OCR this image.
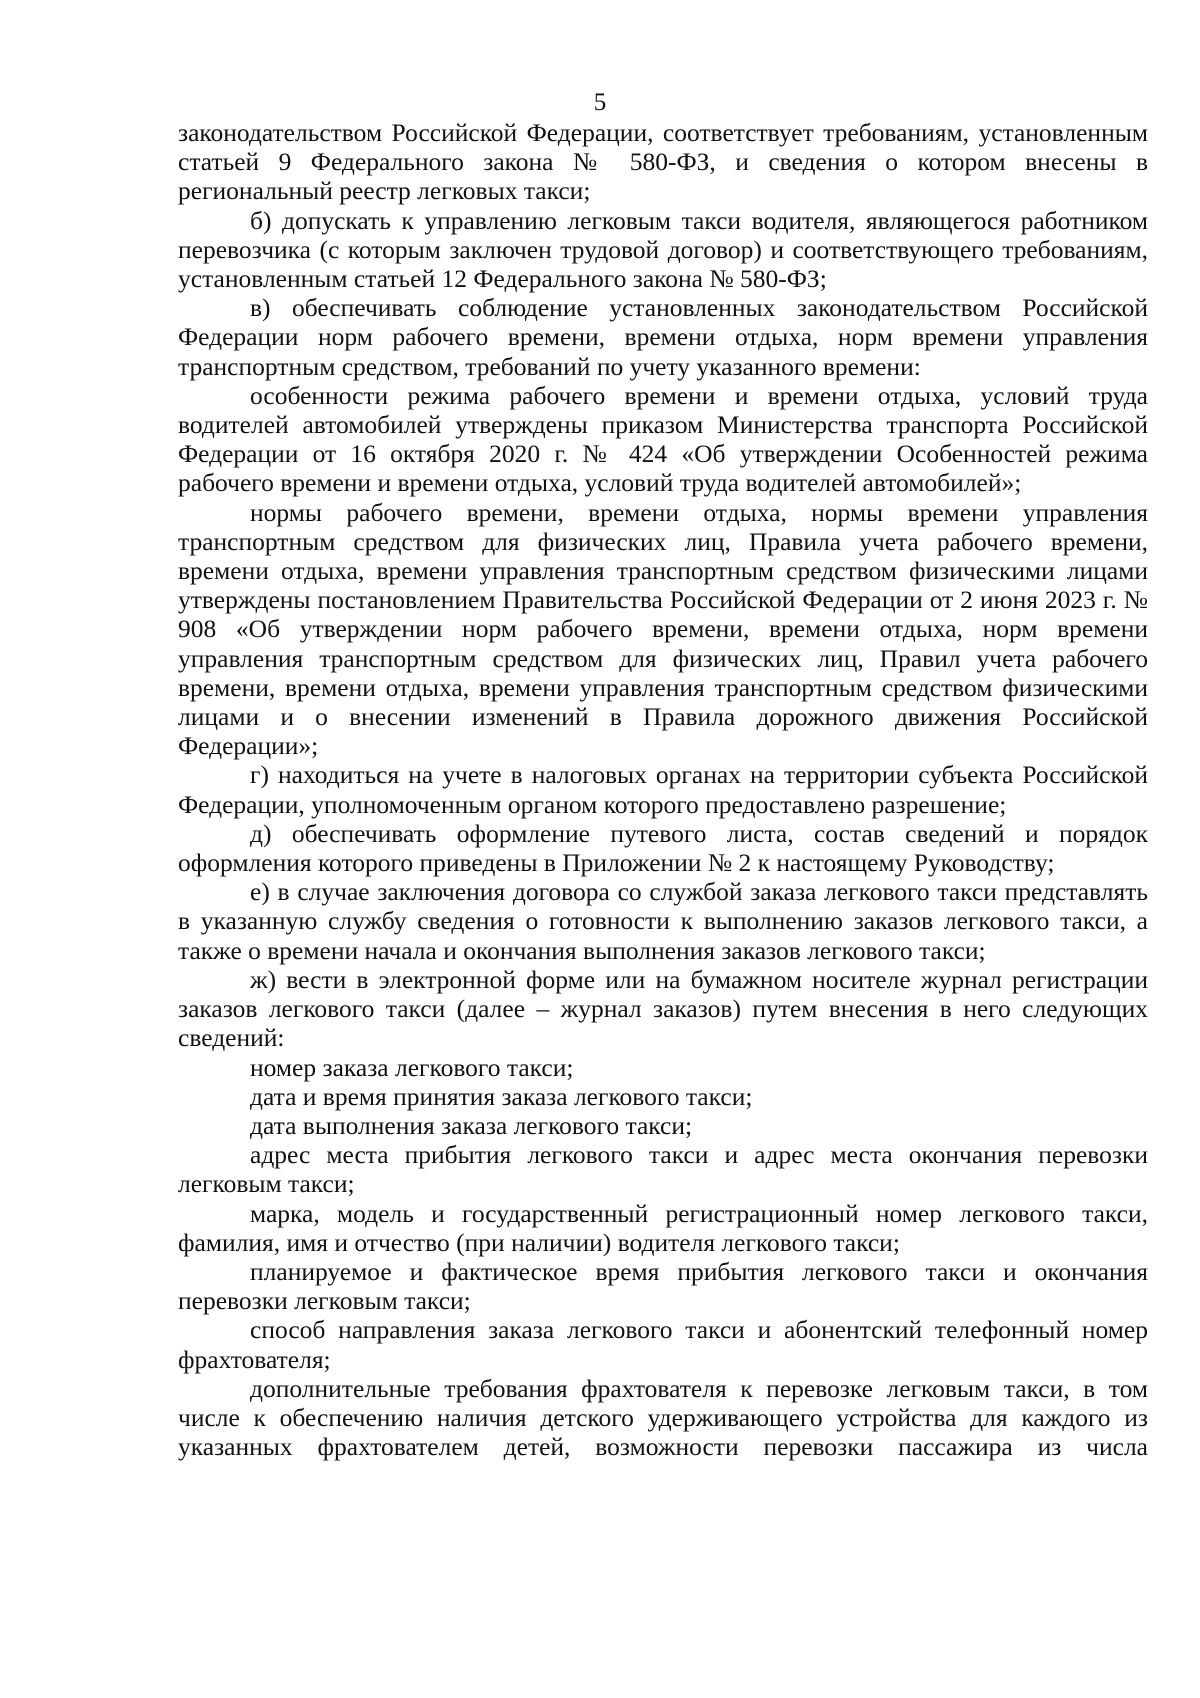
5

законодательством Российской Федерации, соответствует требованиям, установленным статьей 9 Федерального закона № 580-ФЗ, и сведения о котором внесены в региональный реестр легковых такси;

б) допускать к управлению легковым такси водителя, являющегося работником перевозчика (с которым заключен трудовой договор) и соответствующего требованиям, установленным статьей 12 Федерального закона № 580-ФЗ;

в) обеспечивать соблюдение установленных законодательством Российской Федерации норм рабочего времени, времени отдыха, норм времени управления транспортным средством, требований по учету указанного времени:

особенности режима рабочего времени и времени отдыха, условий труда водителей автомобилей утверждены приказом Министерства транспорта Российской Федерации от 16 октября 2020 г. № 424 «Об утверждении Особенностей режима рабочего времени и времени отдыха, условий труда водителей автомобилей»;

нормы рабочего времени, времени отдыха, нормы времени управления транспортным средством для физических лиц, Правила учета рабочего времени, времени отдыха, времени управления транспортным средством физическими лицами утверждены постановлением Правительства Российской Федерации от 2 июня 2023 г. № 908 «Об утверждении норм рабочего времени, времени отдыха, норм времени управления транспортным средством для физических лиц, Правил учета рабочего времени, времени отдыха, времени управления транспортным средством физическими лицами и о внесении изменений в Правила дорожного движения Российской Федерации»;

г) находиться на учете в налоговых органах на территории субъекта Российской Федерации, уполномоченным органом которого предоставлено разрешение;

д) обеспечивать оформление путевого листа, состав сведений и порядок оформления которого приведены в Приложении № 2 к настоящему Руководству;

е) в случае заключения договора со службой заказа легкового такси представлять в указанную службу сведения о готовности к выполнению заказов легкового такси, а также о времени начала и окончания выполнения заказов легкового такси;

ж) вести в электронной форме или на бумажном носителе журнал регистрации заказов легкового такси (далее – журнал заказов) путем внесения в него следующих сведений:

номер заказа легкового такси;

дата и время принятия заказа легкового такси;

дата выполнения заказа легкового такси;

адрес места прибытия легкового такси и адрес места окончания перевозки легковым такси;

марка, модель и государственный регистрационный номер легкового такси, фамилия, имя и отчество (при наличии) водителя легкового такси;

планируемое и фактическое время прибытия легкового такси и окончания перевозки легковым такси;

способ направления заказа легкового такси и абонентский телефонный номер фрахтователя;

дополнительные требования фрахтователя к перевозке легковым такси, в том числе к обеспечению наличия детского удерживающего устройства для каждого из указанных фрахтователем детей, возможности перевозки пассажира из числа
